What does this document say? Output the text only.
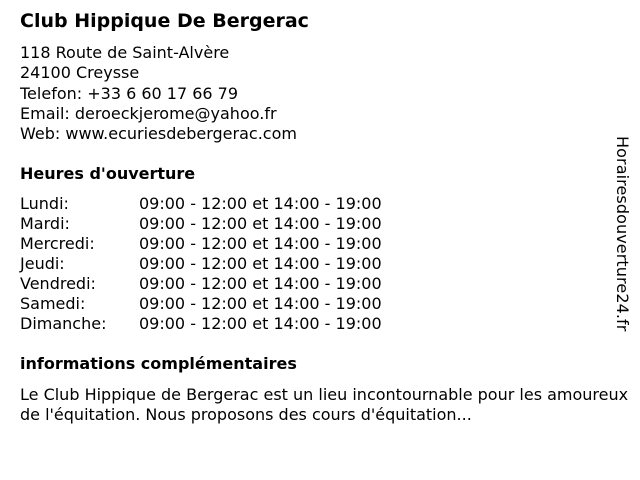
Club Hippique De Bergerac
118 Route de Saint-Alvère
24100 Creysse
Telefon: +33 6 60 17 66 79
Email: deroeckjerome@yahoo.fr
Web: www.ecuriesdebergerac.com
Heures d'ouverture
Lundi:	09:00 - 12:00 et 14:00 - 19:00
Mardi:	09:00 - 12:00 et 14:00 - 19:00
Mercredi:	09:00 - 12:00 et 14:00 - 19:00
Jeudi:	09:00 - 12:00 et 14:00 - 19:00
Vendredi:	09:00 - 12:00 et 14:00 - 19:00
Samedi:	09:00 - 12:00 et 14:00 - 19:00
Dimanche:	09:00 - 12:00 et 14:00 - 19:00
informations complémentaires
Le Club Hippique de Bergerac est un lieu incontournable pour les amoureux de l'équitation. Nous proposons des cours d'équitation...
Horairesdouverture24.fr
